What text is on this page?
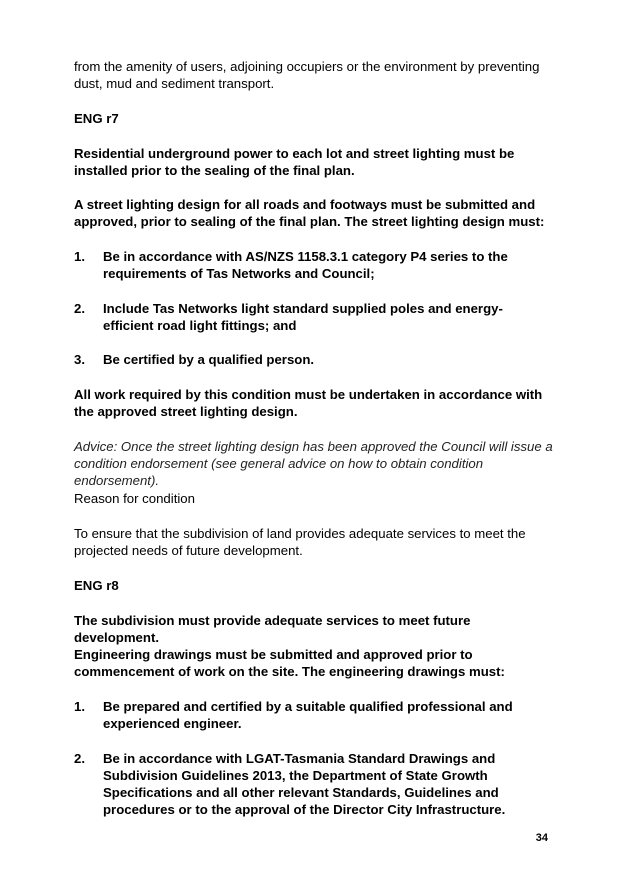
from the amenity of users, adjoining occupiers or the environment by preventing dust, mud and sediment transport.

ENG r7

Residential underground power to each lot and street lighting must be installed prior to the sealing of the final plan.

A street lighting design for all roads and footways must be submitted and approved, prior to sealing of the final plan. The street lighting design must:

1. Be in accordance with AS/NZS 1158.3.1 category P4 series to the requirements of Tas Networks and Council;
2. Include Tas Networks light standard supplied poles and energy-efficient road light fittings; and
3. Be certified by a qualified person.

All work required by this condition must be undertaken in accordance with the approved street lighting design.

Advice: Once the street lighting design has been approved the Council will issue a condition endorsement (see general advice on how to obtain condition endorsement).

Reason for condition

To ensure that the subdivision of land provides adequate services to meet the projected needs of future development.

ENG r8

The subdivision must provide adequate services to meet future development.

Engineering drawings must be submitted and approved prior to commencement of work on the site. The engineering drawings must:

1. Be prepared and certified by a suitable qualified professional and experienced engineer.
2. Be in accordance with LGAT-Tasmania Standard Drawings and Subdivision Guidelines 2013, the Department of State Growth Specifications and all other relevant Standards, Guidelines and procedures or to the approval of the Director City Infrastructure.
34
